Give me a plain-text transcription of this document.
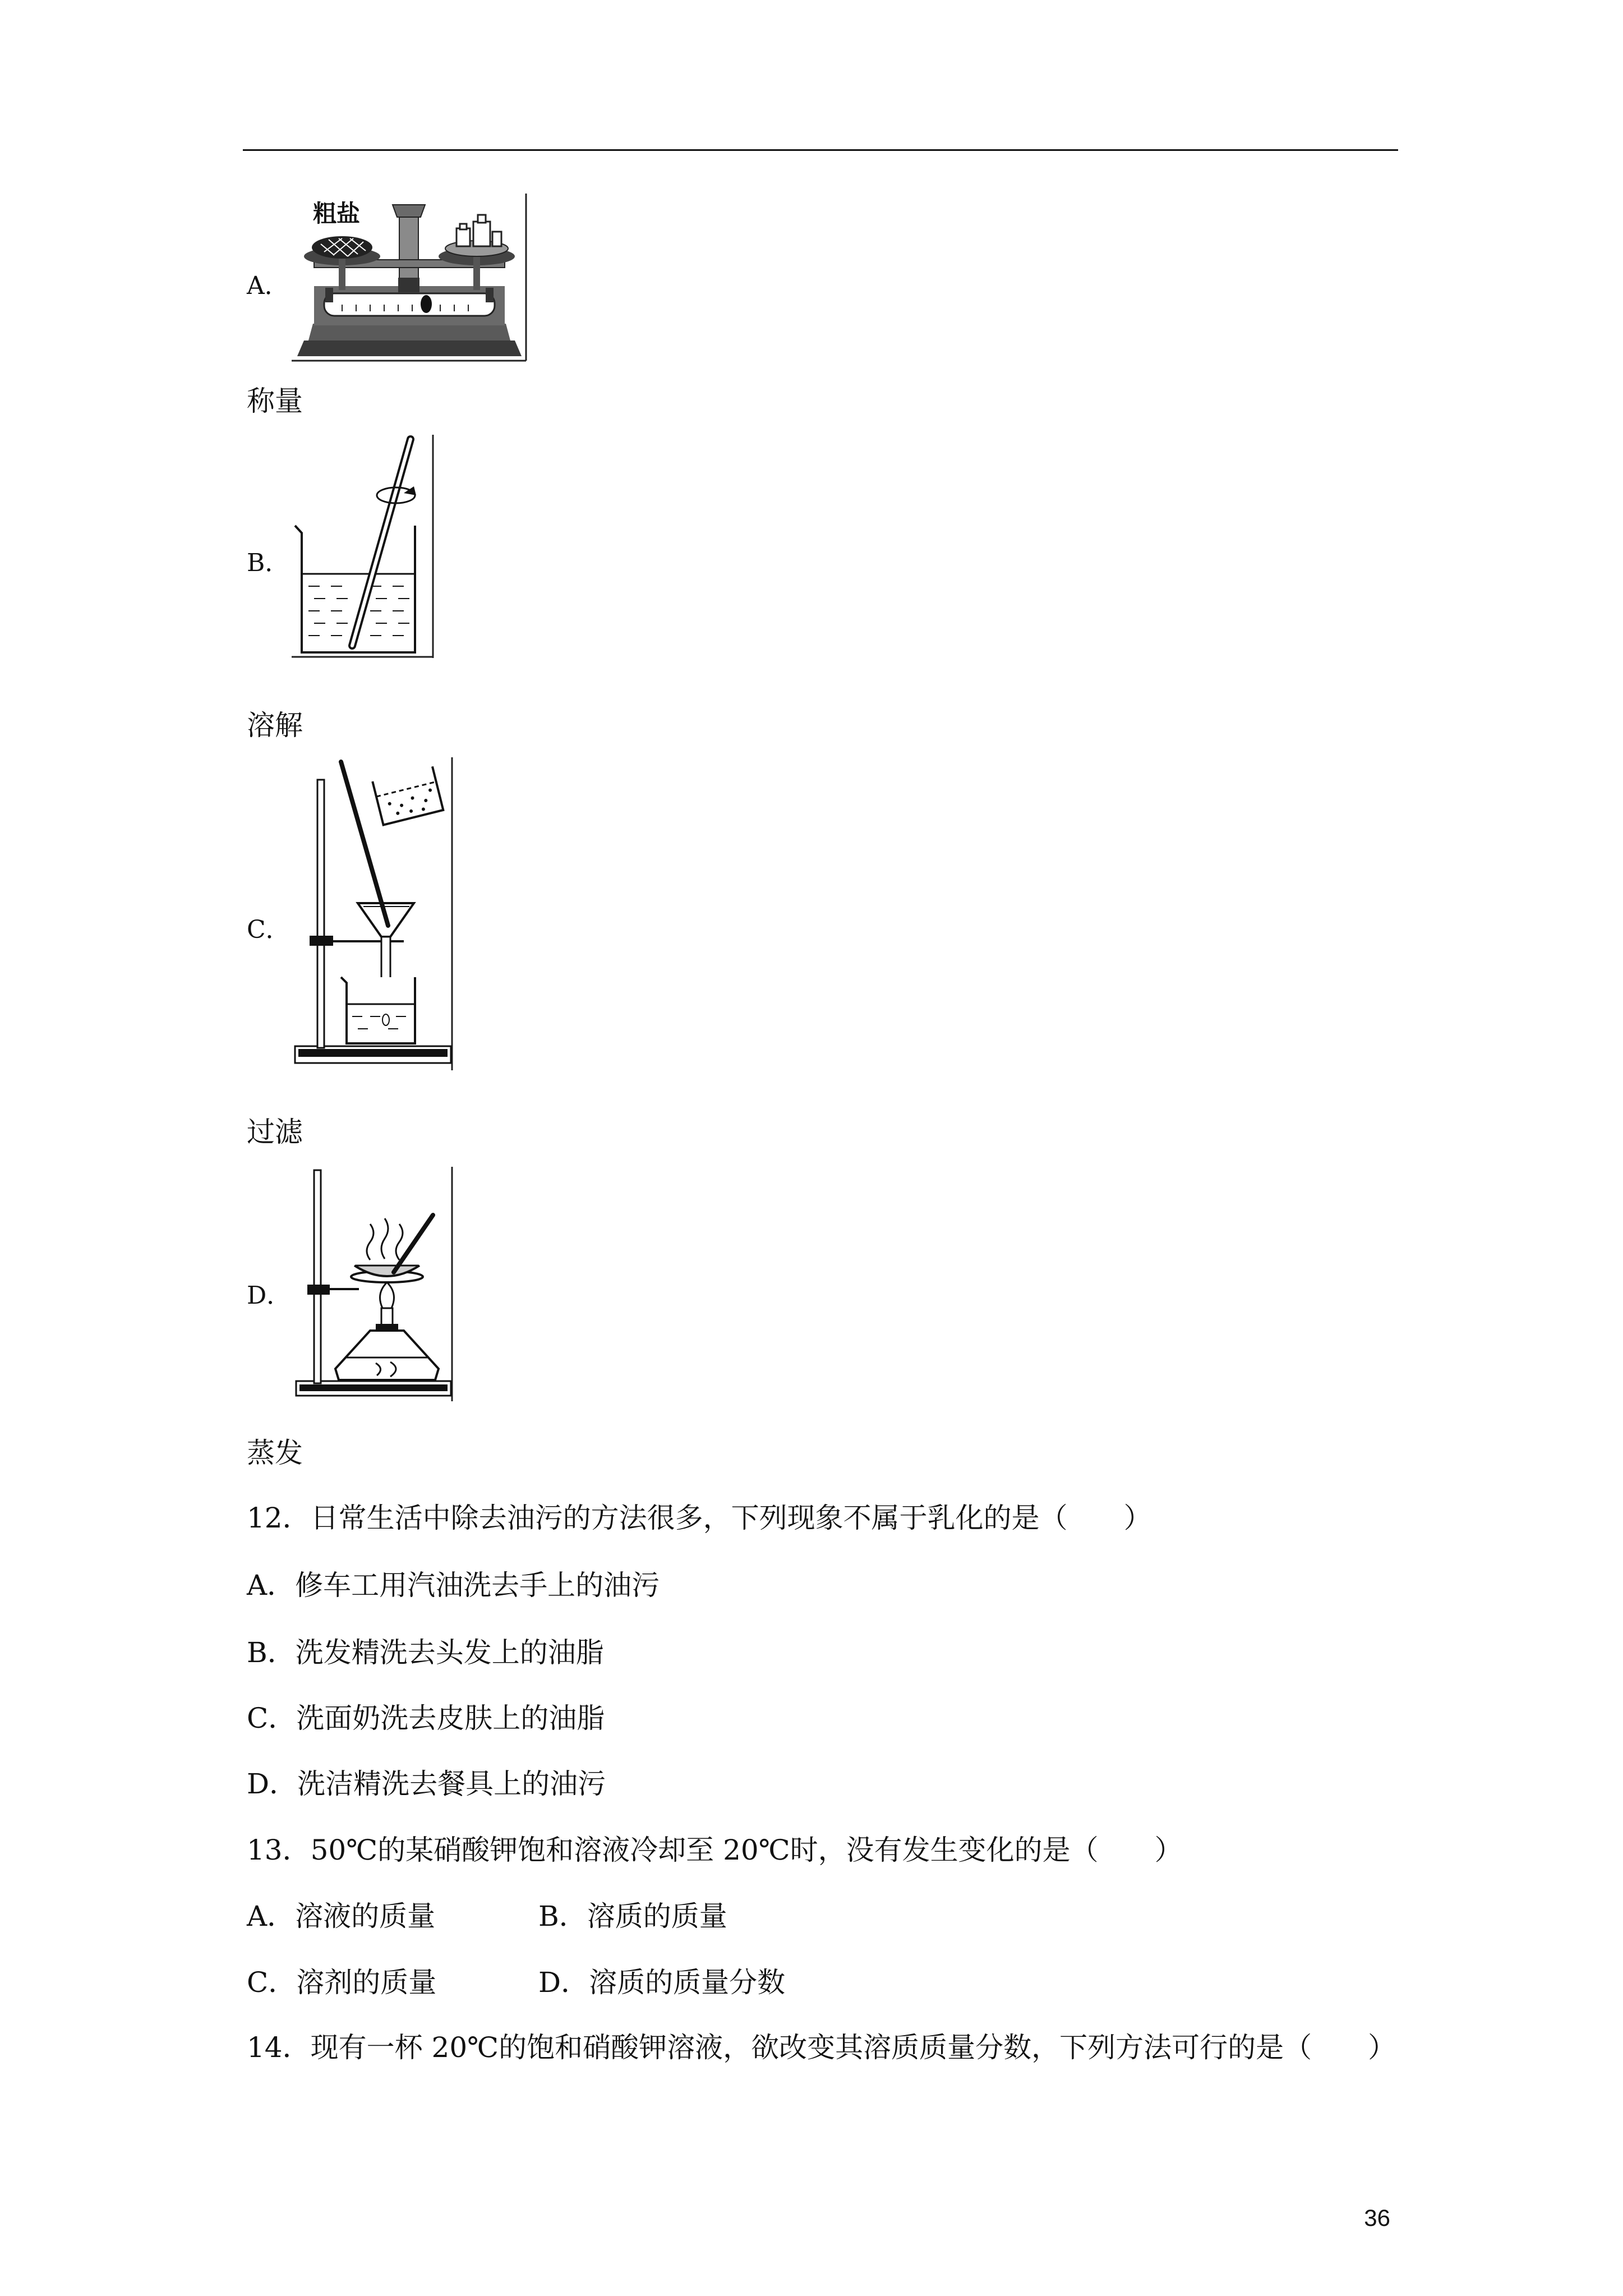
A．
粗盐
称量
B．
溶解
C．
过滤
D．
蒸发
12．日常生活中除去油污的方法很多，下列现象不属于乳化的是（　　）
A．修车工用汽油洗去手上的油污
B．洗发精洗去头发上的油脂
C．洗面奶洗去皮肤上的油脂
D．洗洁精洗去餐具上的油污
13．50℃的某硝酸钾饱和溶液冷却至 20℃时，没有发生变化的是（　　）
A．溶液的质量	B．溶质的质量
C．溶剂的质量	D．溶质的质量分数
14．现有一杯 20℃的饱和硝酸钾溶液，欲改变其溶质质量分数，下列方法可行的是（　　）
36
